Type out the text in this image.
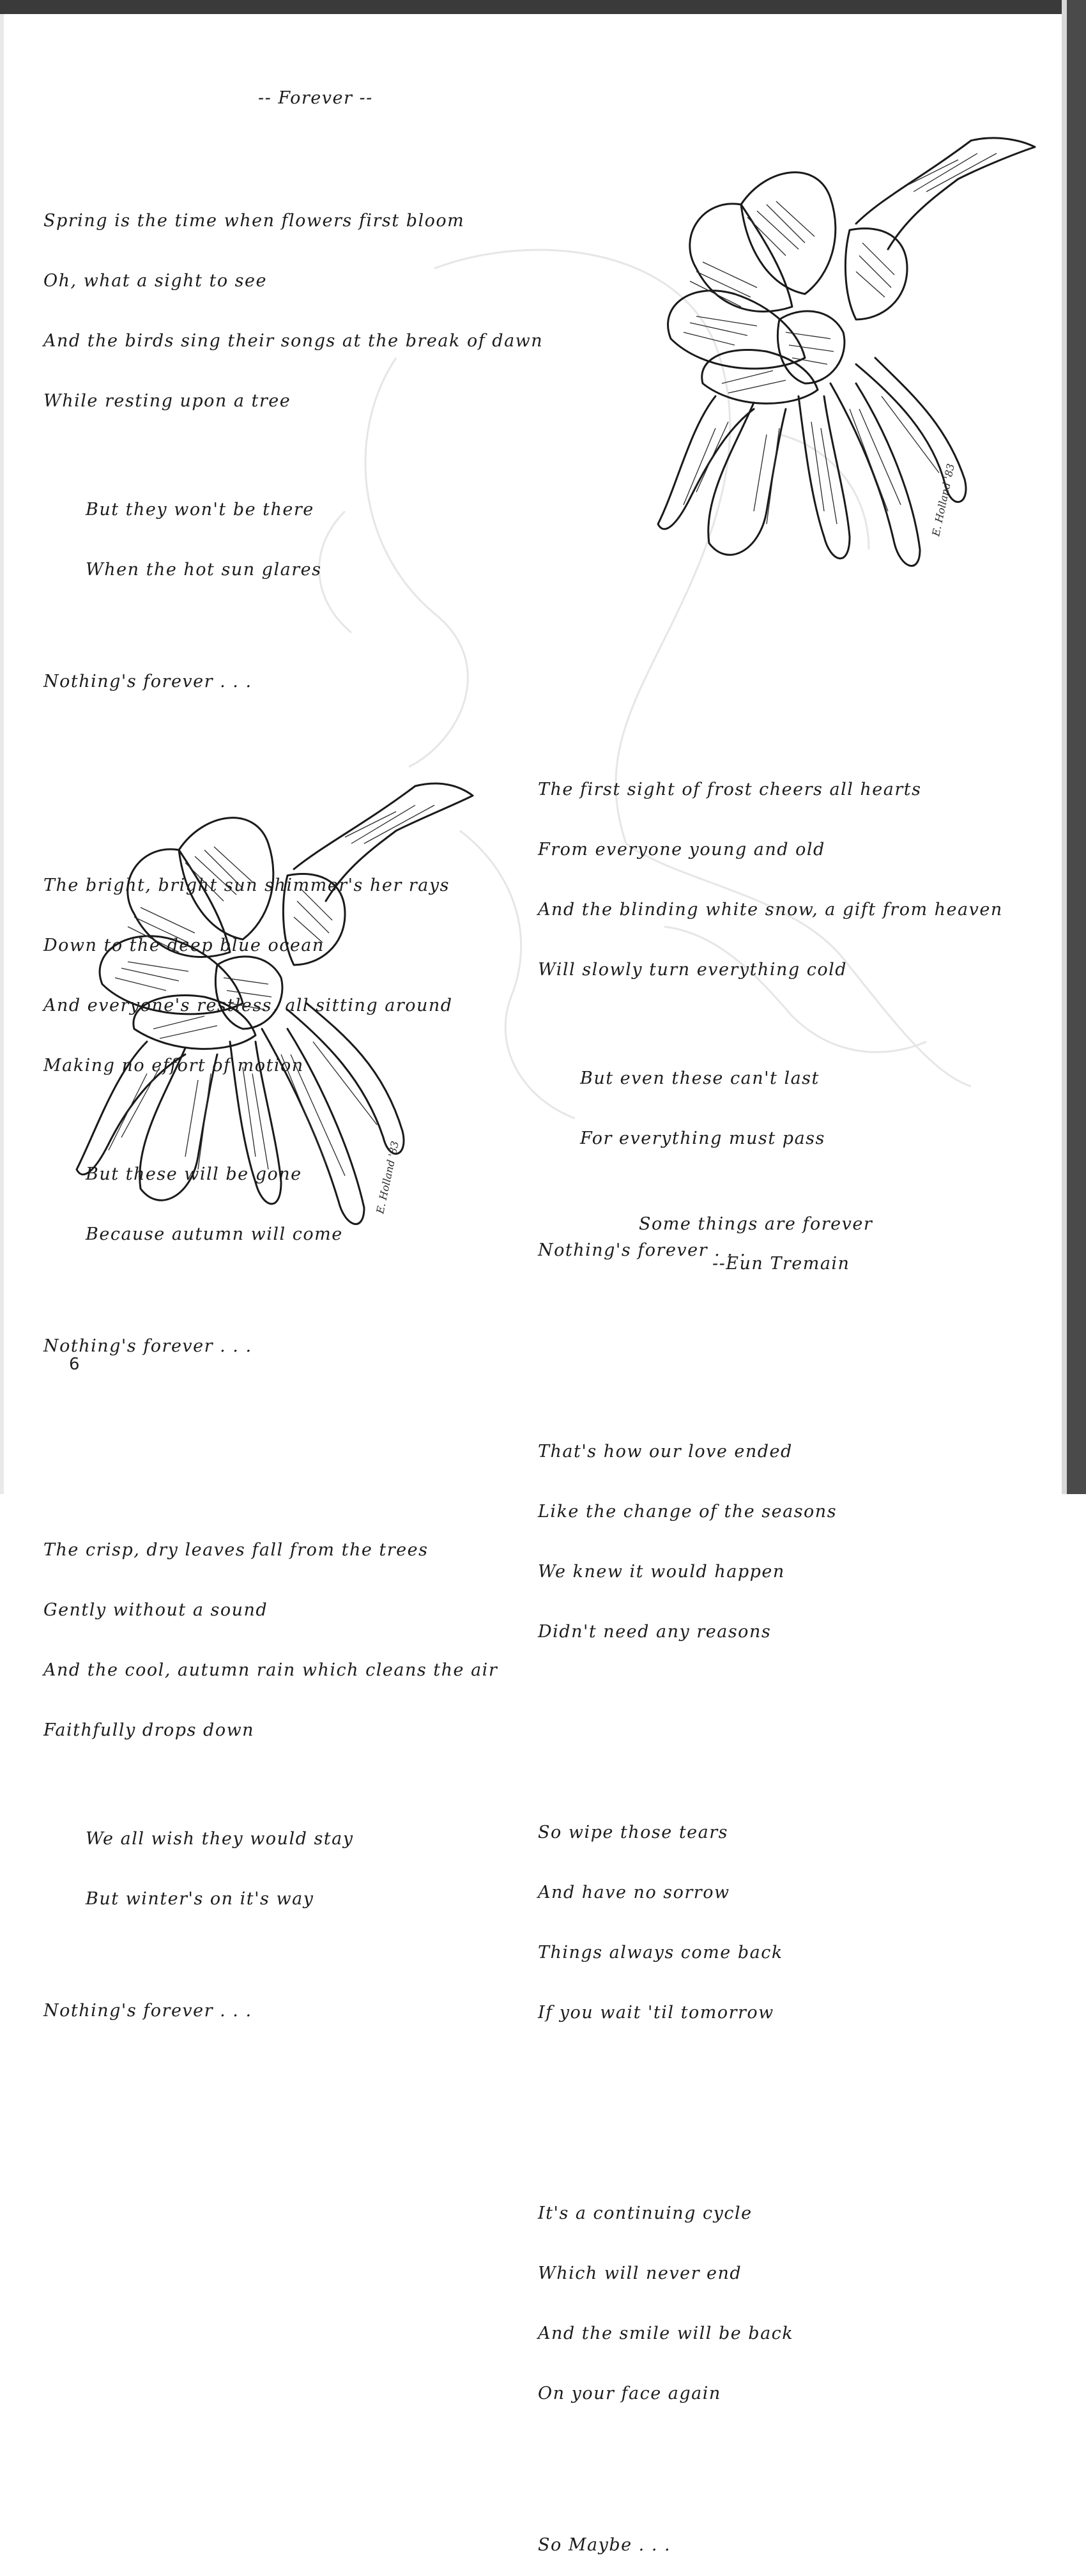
-- Forever --

Spring is the time when flowers first bloom

Oh, what a sight to see

And the birds sing their songs at the break of dawn

While resting upon a tree

But they won't be there

When the hot sun glares

Nothing's forever . . .

The bright, bright sun shimmer's her rays

Down to the deep blue ocean

And everyone's restless, all sitting around

Making no effort of motion

But these will be gone

Because autumn will come

Nothing's forever . . .

The crisp, dry leaves fall from the trees

Gently without a sound

And the cool, autumn rain which cleans the air

Faithfully drops down

We all wish they would stay

But winter's on it's way

Nothing's forever . . .

The first sight of frost cheers all hearts

From everyone young and old

And the blinding white snow, a gift from heaven

Will slowly turn everything cold

But even these can't last

For everything must pass

Nothing's forever . . .

That's how our love ended

Like the change of the seasons

We knew it would happen

Didn't need any reasons

So wipe those tears

And have no sorrow

Things always come back

If you wait 'til tomorrow

It's a continuing cycle

Which will never end

And the smile will be back

On your face again

So Maybe . . .

Some things are forever
--Eun Tremain
E. Holland '83
E. Holland '83
6
